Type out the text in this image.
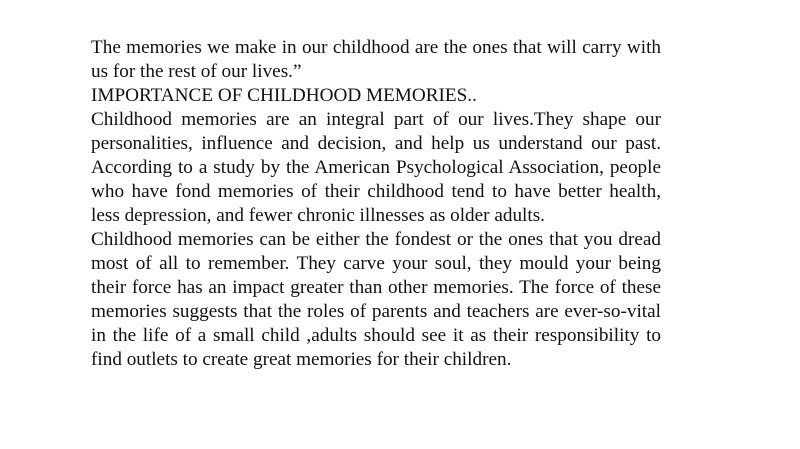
The memories we make in our childhood are the ones that will carry with us for the rest of our lives.”

IMPORTANCE OF CHILDHOOD MEMORIES..

Childhood memories are an integral part of our lives.They shape our personalities, influence and decision, and help us understand our past. According to a study by the American Psychological Association, people who have fond memories of their childhood tend to have better health, less depression, and fewer chronic illnesses as older adults.

Childhood memories can be either the fondest or the ones that you dread most of all to remember. They carve your soul, they mould your being their force has an impact greater than other memories. The force of these memories suggests that the roles of parents and teachers are ever-so-vital in the life of a small child ,adults should see it as their responsibility to find outlets to create great memories for their children.
